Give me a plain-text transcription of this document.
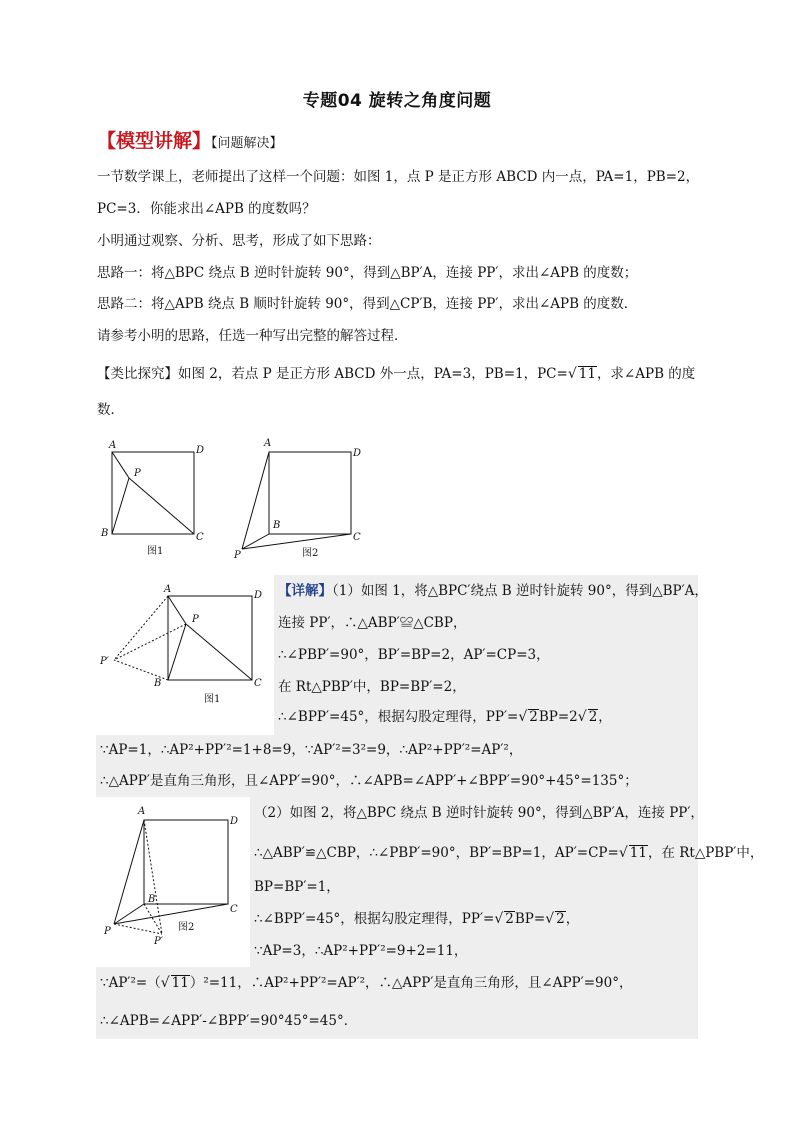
专题04 旋转之角度问题
【模型讲解】【问题解决】
一节数学课上，老师提出了这样一个问题：如图 1，点 P 是正方形 ABCD 内一点，PA=1，PB=2，
PC=3．你能求出∠APB 的度数吗？
小明通过观察、分析、思考，形成了如下思路：
思路一：将△BPC 绕点 B 逆时针旋转 90°，得到△BP′A，连接 PP′，求出∠APB 的度数；
思路二：将△APB 绕点 B 顺时针旋转 90°，得到△CP′B，连接 PP′，求出∠APB 的度数．
请参考小明的思路，任选一种写出完整的解答过程．
【类比探究】如图 2，若点 P 是正方形 ABCD 外一点，PA=3，PB=1，PC=√ 11，求∠APB 的度
数．
A	D
P
B	C
图1
A
D
B
C
P	图2
A
D
P
P′
B	C
图1
A
D
B
C
P
P′
图2
【详解】（1）如图 1，将△BPC′绕点 B 逆时针旋转 90°，得到△BP′A，
连接 PP′，∴△ABP′≌△CBP，
∴∠PBP′=90°，BP′=BP=2，AP′=CP=3，
在 Rt△PBP′中，BP=BP′=2，
∴∠BPP′=45°，根据勾股定理得，PP′=√ 2BP=2√ 2，
∵AP=1，∴AP²+PP′²=1+8=9，∵AP′²=3²=9，∴AP²+PP′²=AP′²，
∴△APP′是直角三角形，且∠APP′=90°，∴∠APB=∠APP′+∠BPP′=90°+45°=135°；
（2）如图 2，将△BPC 绕点 B 逆时针旋转 90°，得到△BP′A，连接 PP′，
∴△ABP′≌△CBP，∴∠PBP′=90°，BP′=BP=1，AP′=CP=√ 11，在 Rt△PBP′中，
BP=BP′=1，
∴∠BPP′=45°，根据勾股定理得，PP′=√ 2BP=√ 2，
∵AP=3，∴AP²+PP′²=9+2=11，
∵AP′²=（√ 11）²=11，∴AP²+PP′²=AP′²，∴△APP′是直角三角形，且∠APP′=90°，
∴∠APB=∠APP′-∠BPP′=90°45°=45°．
